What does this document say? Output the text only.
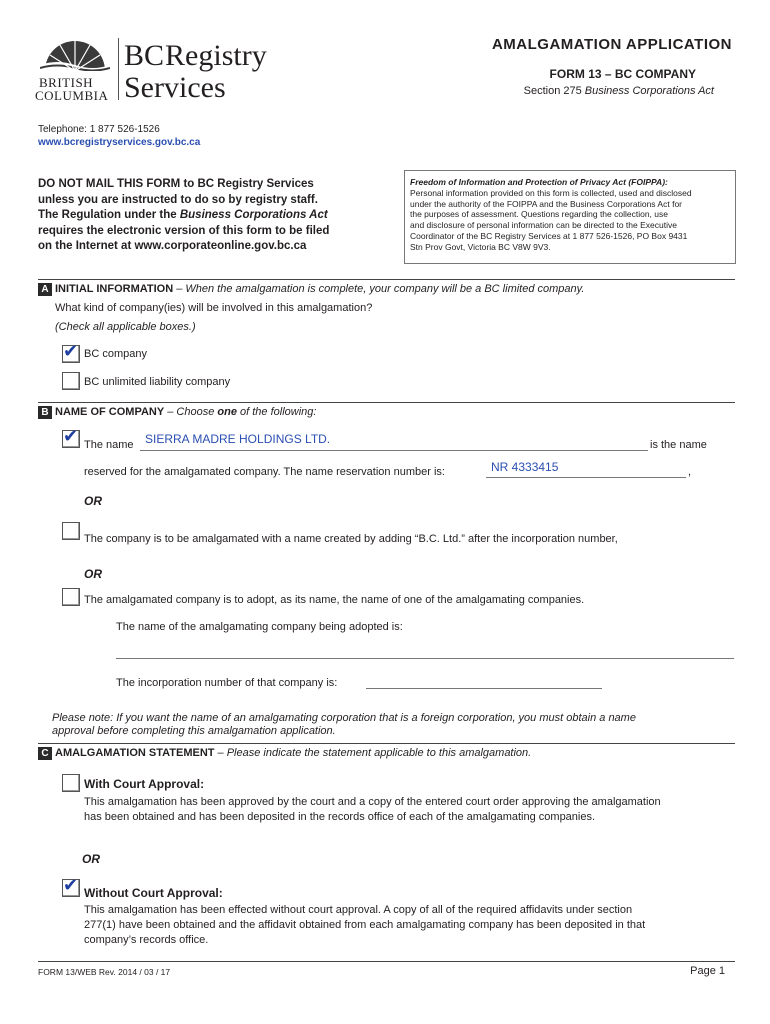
BRITISH
COLUMBIA
BCRegistry
Services
AMALGAMATION APPLICATION
FORM 13 – BC COMPANY
Section 275 Business Corporations Act
Telephone: 1 877 526-1526
www.bcregistryservices.gov.bc.ca
DO NOT MAIL THIS FORM to BC Registry Services
unless you are instructed to do so by registry staff.
The Regulation under the Business Corporations Act
requires the electronic version of this form to be filed
on the Internet at www.corporateonline.gov.bc.ca
Freedom of Information and Protection of Privacy Act (FOIPPA):
Personal information provided on this form is collected, used and disclosed
under the authority of the FOIPPA and the Business Corporations Act for
the purposes of assessment. Questions regarding the collection, use
and disclosure of personal information can be directed to the Executive
Coordinator of the BC Registry Services at 1 877 526-1526, PO Box 9431
Stn Prov Govt, Victoria BC V8W 9V3.
A INITIAL INFORMATION – When the amalgamation is complete, your company will be a BC limited company.
What kind of company(ies) will be involved in this amalgamation?
(Check all applicable boxes.)
✔ BC company
BC unlimited liability company
B NAME OF COMPANY – Choose one of the following:
✔ The name SIERRA MADRE HOLDINGS LTD.	is the name
reserved for the amalgamated company. The name reservation number is:	NR 4333415	,
OR
The company is to be amalgamated with a name created by adding “B.C. Ltd.” after the incorporation number,
OR
The amalgamated company is to adopt, as its name, the name of one of the amalgamating companies.
The name of the amalgamating company being adopted is:
The incorporation number of that company is:
Please note: If you want the name of an amalgamating corporation that is a foreign corporation, you must obtain a name
approval before completing this amalgamation application.
C AMALGAMATION STATEMENT – Please indicate the statement applicable to this amalgamation.
With Court Approval:
This amalgamation has been approved by the court and a copy of the entered court order approving the amalgamation
has been obtained and has been deposited in the records office of each of the amalgamating companies.
OR
✔ Without Court Approval:
This amalgamation has been effected without court approval. A copy of all of the required affidavits under section
277(1) have been obtained and the affidavit obtained from each amalgamating company has been deposited in that
company’s records office.
FORM 13/WEB Rev. 2014 / 03 / 17	Page 1
